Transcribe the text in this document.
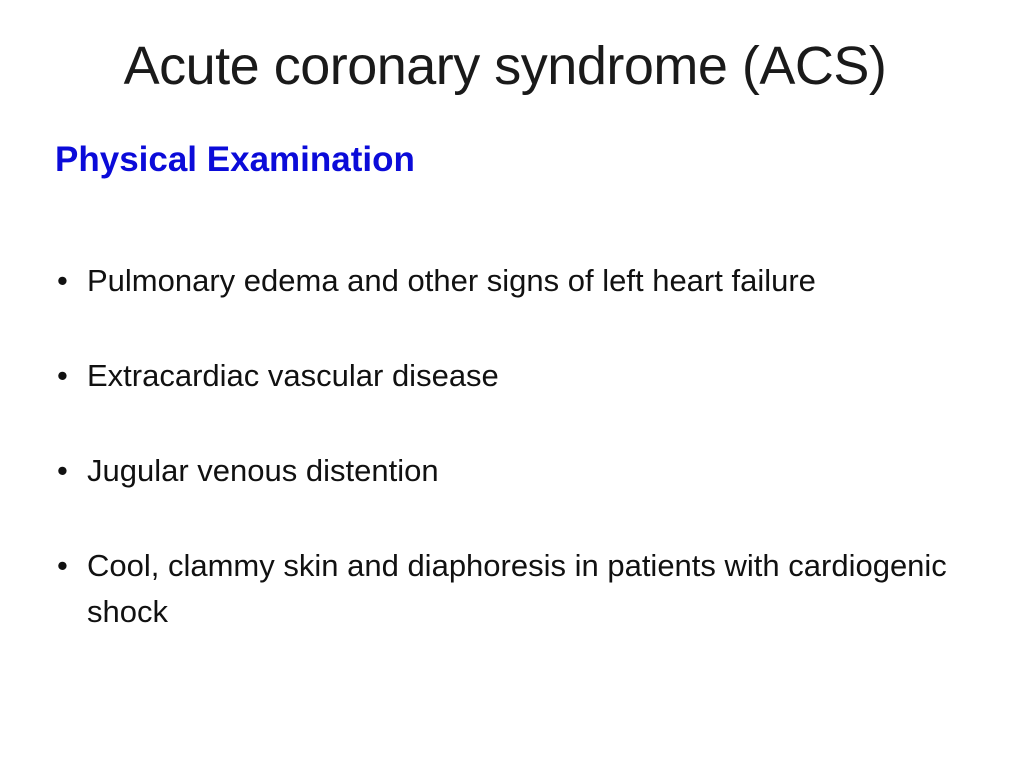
Acute coronary syndrome (ACS)
Physical Examination
• Pulmonary edema and other signs of left heart failure
• Extracardiac vascular disease
• Jugular venous distention
• Cool, clammy skin and diaphoresis in patients with cardiogenic shock
